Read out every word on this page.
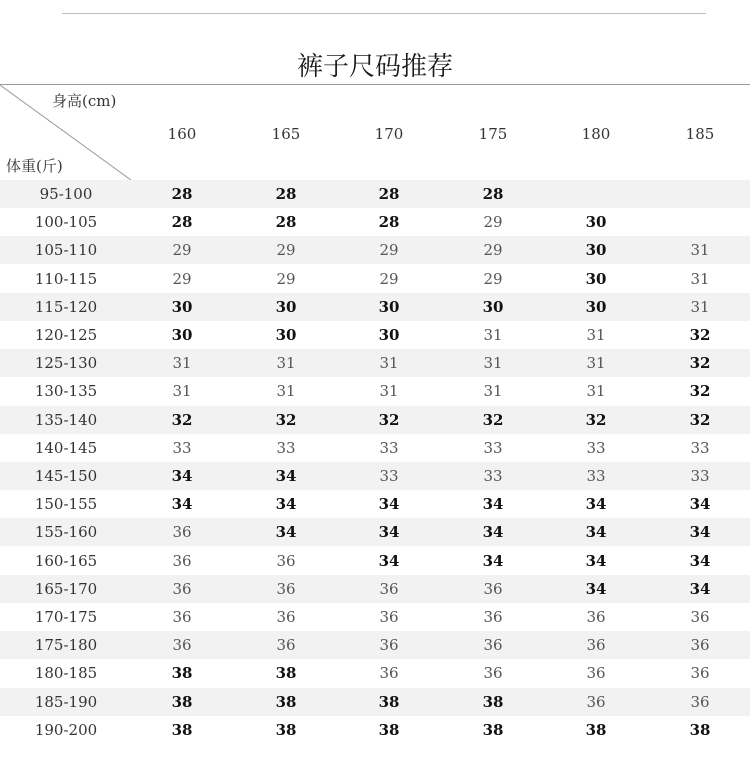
裤子尺码推荐
身高(cm)
体重(斤)
160	165	170	175	180	185
95-100	28	28	28	28
100-105	28	28	28	29	30
105-110	29	29	29	29	30	31
110-115	29	29	29	29	30	31
115-120	30	30	30	30	30	31
120-125	30	30	30	31	31	32
125-130	31	31	31	31	31	32
130-135	31	31	31	31	31	32
135-140	32	32	32	32	32	32
140-145	33	33	33	33	33	33
145-150	34	34	33	33	33	33
150-155	34	34	34	34	34	34
155-160	36	34	34	34	34	34
160-165	36	36	34	34	34	34
165-170	36	36	36	36	34	34
170-175	36	36	36	36	36	36
175-180	36	36	36	36	36	36
180-185	38	38	36	36	36	36
185-190	38	38	38	38	36	36
190-200	38	38	38	38	38	38
